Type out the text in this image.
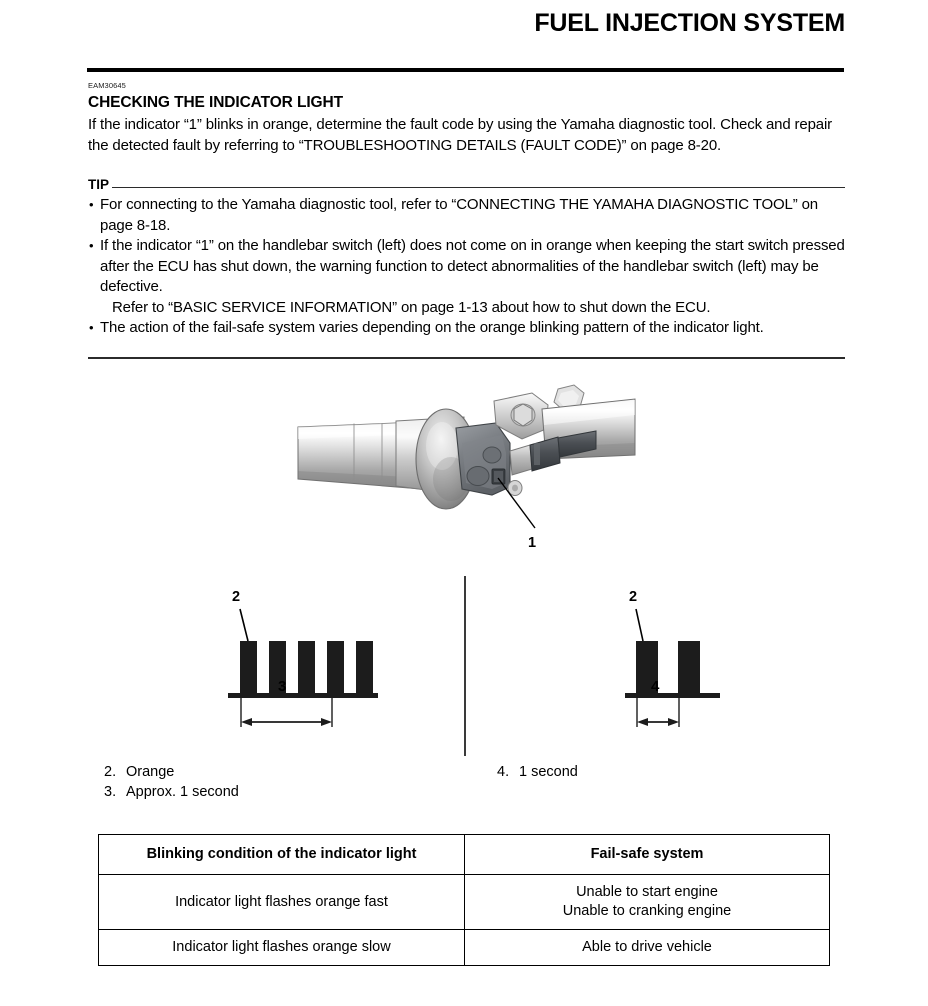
FUEL INJECTION SYSTEM
EAM30645
CHECKING THE INDICATOR LIGHT
If the indicator “1” blinks in orange, determine the fault code by using the Yamaha diagnostic tool. Check and repair the detected fault by referring to “TROUBLESHOOTING DETAILS (FAULT CODE)” on page 8-20.
TIP
• For connecting to the Yamaha diagnostic tool, refer to “CONNECTING THE YAMAHA DIAGNOSTIC TOOL” on page 8-18.
• If the indicator “1” on the handlebar switch (left) does not come on in orange when keeping the start switch pressed after the ECU has shut down, the warning function to detect abnormalities of the handlebar switch (left) may be defective.
Refer to “BASIC SERVICE INFORMATION” on page 1-13 about how to shut down the ECU.
• The action of the fail-safe system varies depending on the orange blinking pattern of the indicator light.
1
2
3
2
4
2. Orange
3. Approx. 1 second
4. 1 second
Blinking condition of the indicator light	Fail-safe system
Indicator light flashes orange fast	Unable to start engine
Unable to cranking engine

Indicator light flashes orange slow	Able to drive vehicle
